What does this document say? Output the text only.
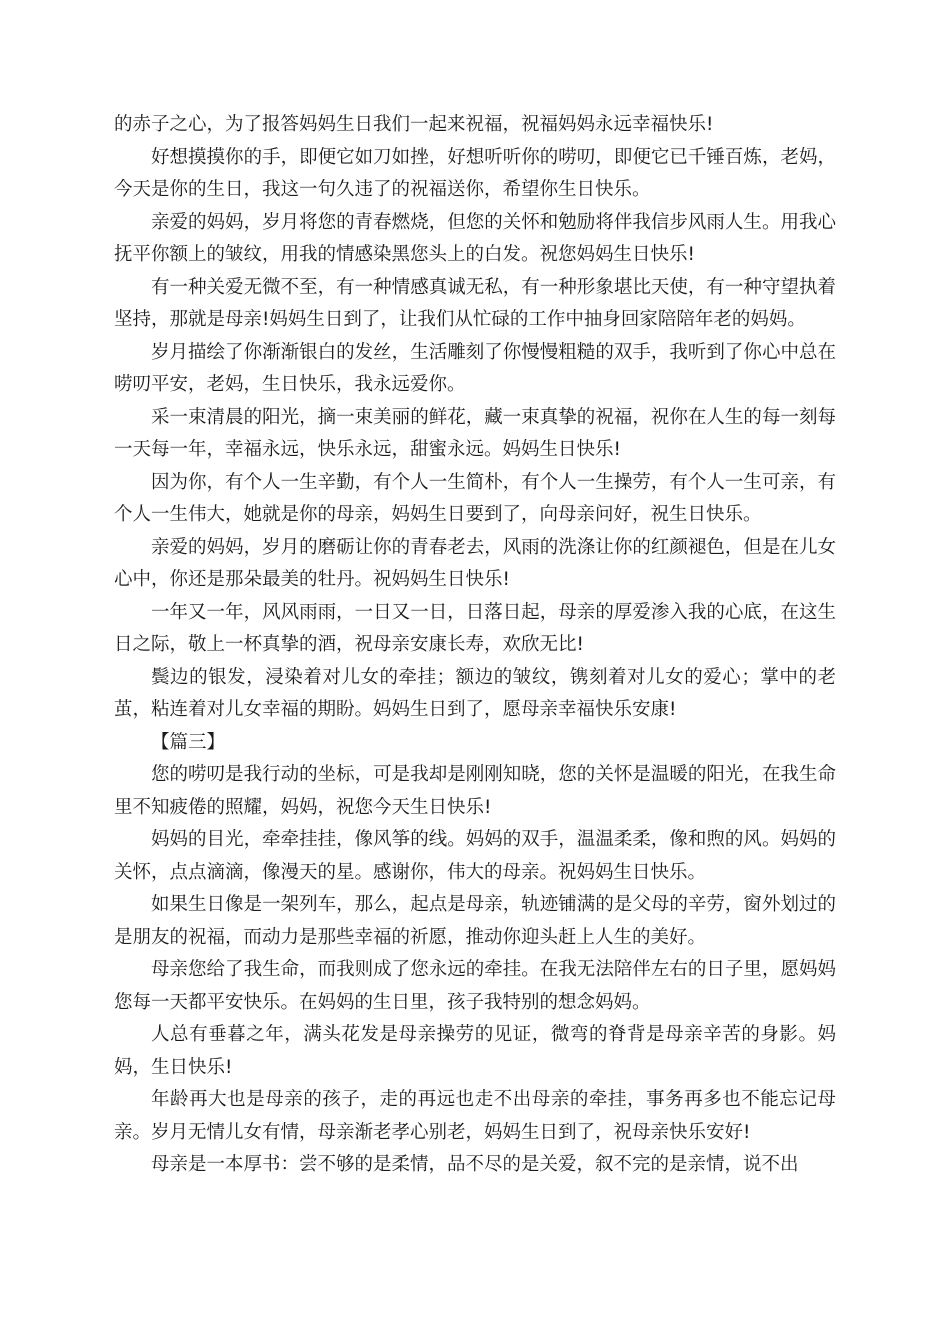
的赤子之心，为了报答妈妈生日我们一起来祝福，祝福妈妈永远幸福快乐!

好想摸摸你的手，即便它如刀如挫，好想听听你的唠叨，即便它已千锤百炼，老妈，今天是你的生日，我这一句久违了的祝福送你，希望你生日快乐。

亲爱的妈妈，岁月将您的青春燃烧，但您的关怀和勉励将伴我信步风雨人生。用我心抚平你额上的皱纹，用我的情感染黑您头上的白发。祝您妈妈生日快乐!

有一种关爱无微不至，有一种情感真诚无私，有一种形象堪比天使，有一种守望执着坚持，那就是母亲!妈妈生日到了，让我们从忙碌的工作中抽身回家陪陪年老的妈妈。

岁月描绘了你渐渐银白的发丝，生活雕刻了你慢慢粗糙的双手，我听到了你心中总在唠叨平安，老妈，生日快乐，我永远爱你。

采一束清晨的阳光，摘一束美丽的鲜花，藏一束真挚的祝福，祝你在人生的每一刻每一天每一年，幸福永远，快乐永远，甜蜜永远。妈妈生日快乐!

因为你，有个人一生辛勤，有个人一生简朴，有个人一生操劳，有个人一生可亲，有个人一生伟大，她就是你的母亲，妈妈生日要到了，向母亲问好，祝生日快乐。

亲爱的妈妈，岁月的磨砺让你的青春老去，风雨的洗涤让你的红颜褪色，但是在儿女心中，你还是那朵最美的牡丹。祝妈妈生日快乐!

一年又一年，风风雨雨，一日又一日，日落日起，母亲的厚爱渗入我的心底，在这生日之际，敬上一杯真挚的酒，祝母亲安康长寿，欢欣无比!

鬓边的银发，浸染着对儿女的牵挂；额边的皱纹，镌刻着对儿女的爱心；掌中的老茧，粘连着对儿女幸福的期盼。妈妈生日到了，愿母亲幸福快乐安康!

【篇三】

您的唠叨是我行动的坐标，可是我却是刚刚知晓，您的关怀是温暖的阳光，在我生命里不知疲倦的照耀，妈妈，祝您今天生日快乐!

妈妈的目光，牵牵挂挂，像风筝的线。妈妈的双手，温温柔柔，像和煦的风。妈妈的关怀，点点滴滴，像漫天的星。感谢你，伟大的母亲。祝妈妈生日快乐。

如果生日像是一架列车，那么，起点是母亲，轨迹铺满的是父母的辛劳，窗外划过的是朋友的祝福，而动力是那些幸福的祈愿，推动你迎头赶上人生的美好。

母亲您给了我生命，而我则成了您永远的牵挂。在我无法陪伴左右的日子里，愿妈妈您每一天都平安快乐。在妈妈的生日里，孩子我特别的想念妈妈。

人总有垂暮之年，满头花发是母亲操劳的见证，微弯的脊背是母亲辛苦的身影。妈妈，生日快乐!

年龄再大也是母亲的孩子，走的再远也走不出母亲的牵挂，事务再多也不能忘记母亲。岁月无情儿女有情，母亲渐老孝心别老，妈妈生日到了，祝母亲快乐安好!

母亲是一本厚书：尝不够的是柔情，品不尽的是关爱，叙不完的是亲情，说不出
